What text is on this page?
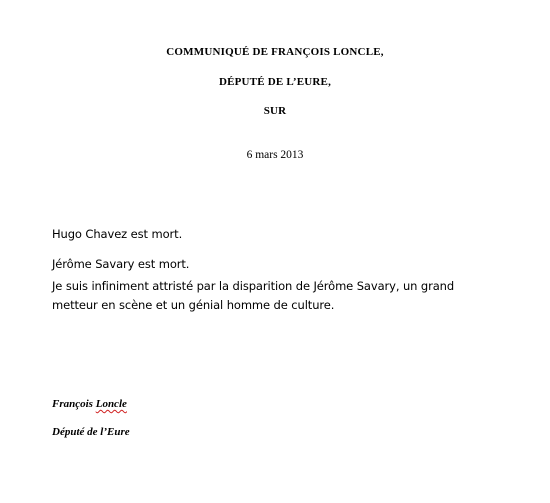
COMMUNIQUÉ DE FRANÇOIS LONCLE,
DÉPUTÉ DE L’EURE,
SUR
6 mars 2013
Hugo Chavez est mort.
Jérôme Savary est mort.
Je suis infiniment attristé par la disparition de Jérôme Savary, un grand metteur en scène et un génial homme de culture.
François Loncle
Député de l’Eure
